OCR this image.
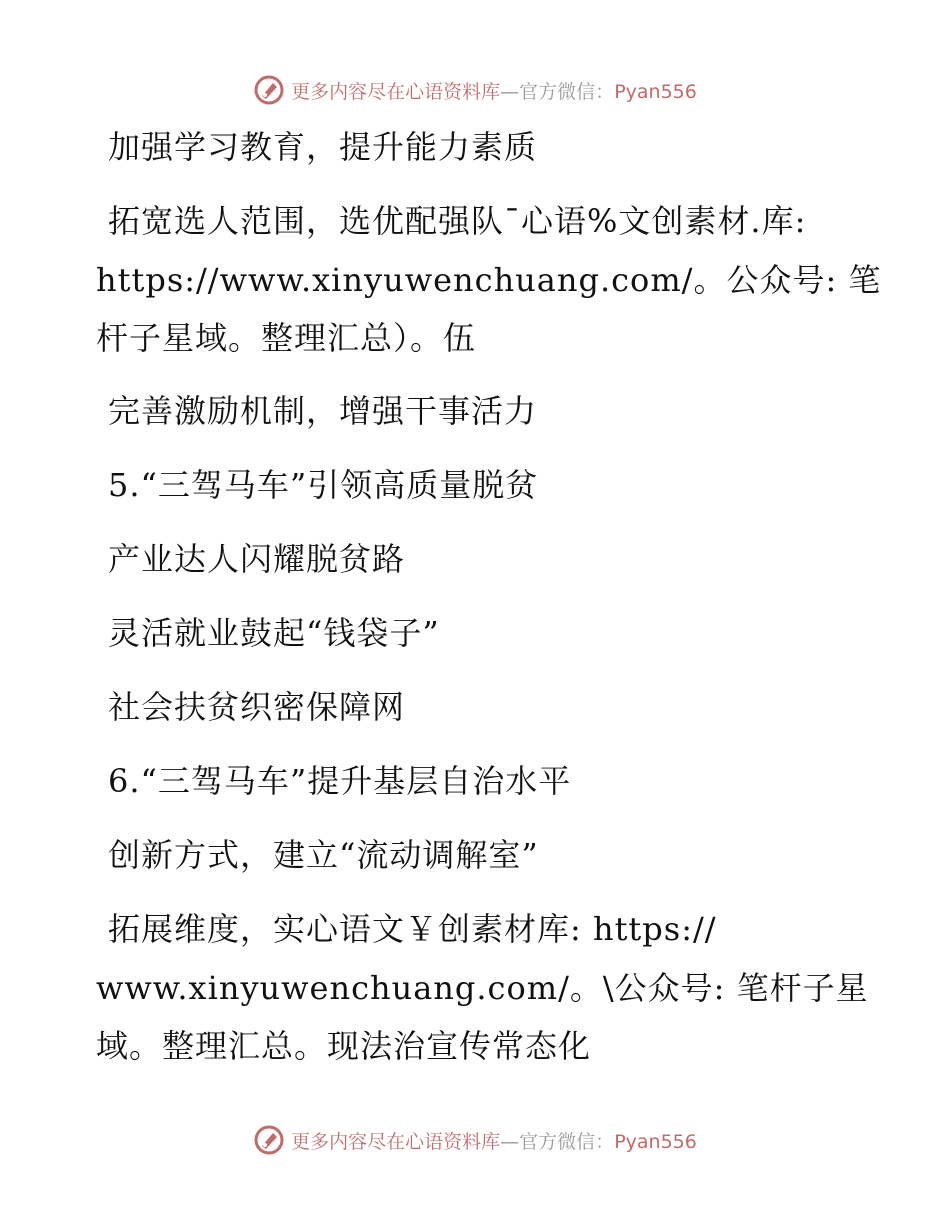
更多内容尽在心语资料库—官方微信：Pyan556
加强学习教育，提升能力素质
拓宽选人范围，选优配强队¯心语%文创素材.库:
https://www.xinyuwenchuang.com/。公众号: 笔
杆子星域。整理汇总）。伍
完善激励机制，增强干事活力
5.“三驾马车”引领高质量脱贫
产业达人闪耀脱贫路
灵活就业鼓起“钱袋子”
社会扶贫织密保障网
6.“三驾马车”提升基层自治水平
创新方式，建立“流动调解室”
拓展维度，实心语文￥创素材库: https://
www.xinyuwenchuang.com/。\公众号: 笔杆子星
域。整理汇总。现法治宣传常态化
更多内容尽在心语资料库—官方微信：Pyan556
